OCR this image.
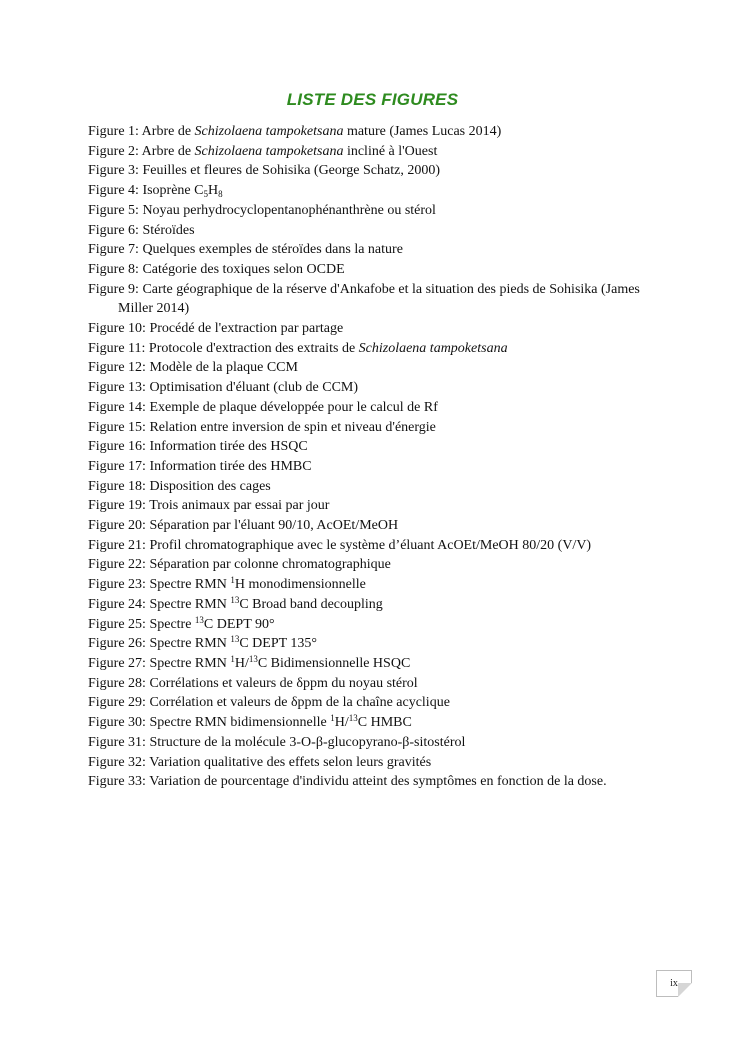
LISTE DES FIGURES
Figure 1: Arbre de Schizolaena tampoketsana mature (James Lucas 2014)
Figure 2: Arbre de Schizolaena tampoketsana incliné à l'Ouest
Figure 3: Feuilles et fleures de Sohisika (George Schatz, 2000)
Figure 4: Isoprène $C_5H_8$
Figure 5: Noyau perhydrocyclopentanophénanthrène ou stérol
Figure 6: Stéroïdes
Figure 7: Quelques exemples de stéroïdes dans la nature
Figure 8: Catégorie des toxiques selon OCDE
Figure 9: Carte géographique de la réserve d'Ankafobe et la situation des pieds de Sohisika (James Miller 2014)
Figure 10: Procédé de l'extraction par partage
Figure 11: Protocole d'extraction des extraits de Schizolaena tampoketsana
Figure 12: Modèle de la plaque CCM
Figure 13: Optimisation d'éluant (club de CCM)
Figure 14: Exemple de plaque développée pour le calcul de Rf
Figure 15: Relation entre inversion de spin et niveau d'énergie
Figure 16: Information tirée des HSQC
Figure 17: Information tirée des HMBC
Figure 18: Disposition des cages
Figure 19: Trois animaux par essai par jour
Figure 20: Séparation par l'éluant 90/10, AcOEt/MeOH
Figure 21: Profil chromatographique avec le système d’éluant AcOEt/MeOH 80/20 (V/V)
Figure 22: Séparation par colonne chromatographique
Figure 23: Spectre RMN $^1$H monodimensionnelle
Figure 24: Spectre RMN $^{13}$C Broad band decoupling
Figure 25: Spectre $^{13}$C DEPT 90°
Figure 26: Spectre RMN $^{13}$C DEPT 135°
Figure 27: Spectre RMN $^1$H/$^{13}$C Bidimensionnelle HSQC
Figure 28: Corrélations et valeurs de δppm du noyau stérol
Figure 29: Corrélation et valeurs de δppm de la chaîne acyclique
Figure 30: Spectre RMN bidimensionnelle $^1$H/$^{13}$C HMBC
Figure 31: Structure de la molécule 3-O-β-glucopyrano-β-sitostérol
Figure 32: Variation qualitative des effets selon leurs gravités
Figure 33: Variation de pourcentage d'individu atteint des symptômes en fonction de la dose.
ix
